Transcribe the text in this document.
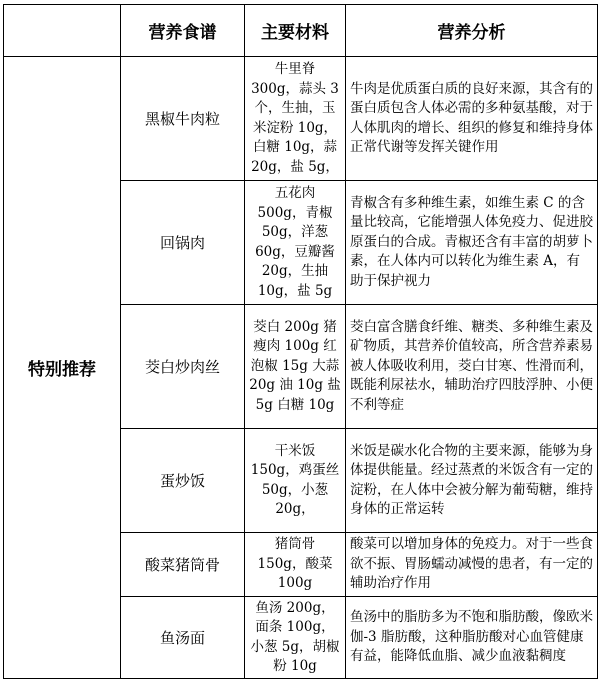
	营养食谱	主要材料	营养分析
特别推荐	黑椒牛肉粒	牛里脊 300g，蒜头 3 个，生抽，玉米淀粉 10g，白糖 10g，蒜 20g，盐 5g，	牛肉是优质蛋白质的良好来源，其含有的蛋白质包含人体必需的多种氨基酸，对于人体肌肉的增长、组织的修复和维持身体正常代谢等发挥关键作用
	回锅肉	五花肉 500g，青椒 50g，洋葱 60g，豆瓣酱 20g，生抽 10g，盐 5g	青椒含有多种维生素，如维生素 C 的含量比较高，它能增强人体免疫力、促进胶原蛋白的合成。青椒还含有丰富的胡萝卜素，在人体内可以转化为维生素 A，有助于保护视力
	茭白炒肉丝	茭白 200g 猪瘦肉 100g 红泡椒 15g 大蒜 20g 油 10g 盐 5g 白糖 10g	茭白富含膳食纤维、糖类、多种维生素及矿物质，其营养价值较高，所含营养素易被人体吸收利用，茭白甘寒、性滑而利，既能利尿祛水，辅助治疗四肢浮肿、小便不利等症
	蛋炒饭	干米饭 150g，鸡蛋丝 50g，小葱 20g，	米饭是碳水化合物的主要来源，能够为身体提供能量。经过蒸煮的米饭含有一定的淀粉，在人体中会被分解为葡萄糖，维持身体的正常运转
	酸菜猪筒骨	猪筒骨 150g，酸菜 100g	酸菜可以增加身体的免疫力。对于一些食欲不振、胃肠蠕动减慢的患者，有一定的辅助治疗作用
	鱼汤面	鱼汤 200g，面条 100g，小葱 5g，胡椒粉 10g	鱼汤中的脂肪多为不饱和脂肪酸，像欧米伽-3 脂肪酸，这种脂肪酸对心血管健康有益，能降低血脂、减少血液黏稠度
